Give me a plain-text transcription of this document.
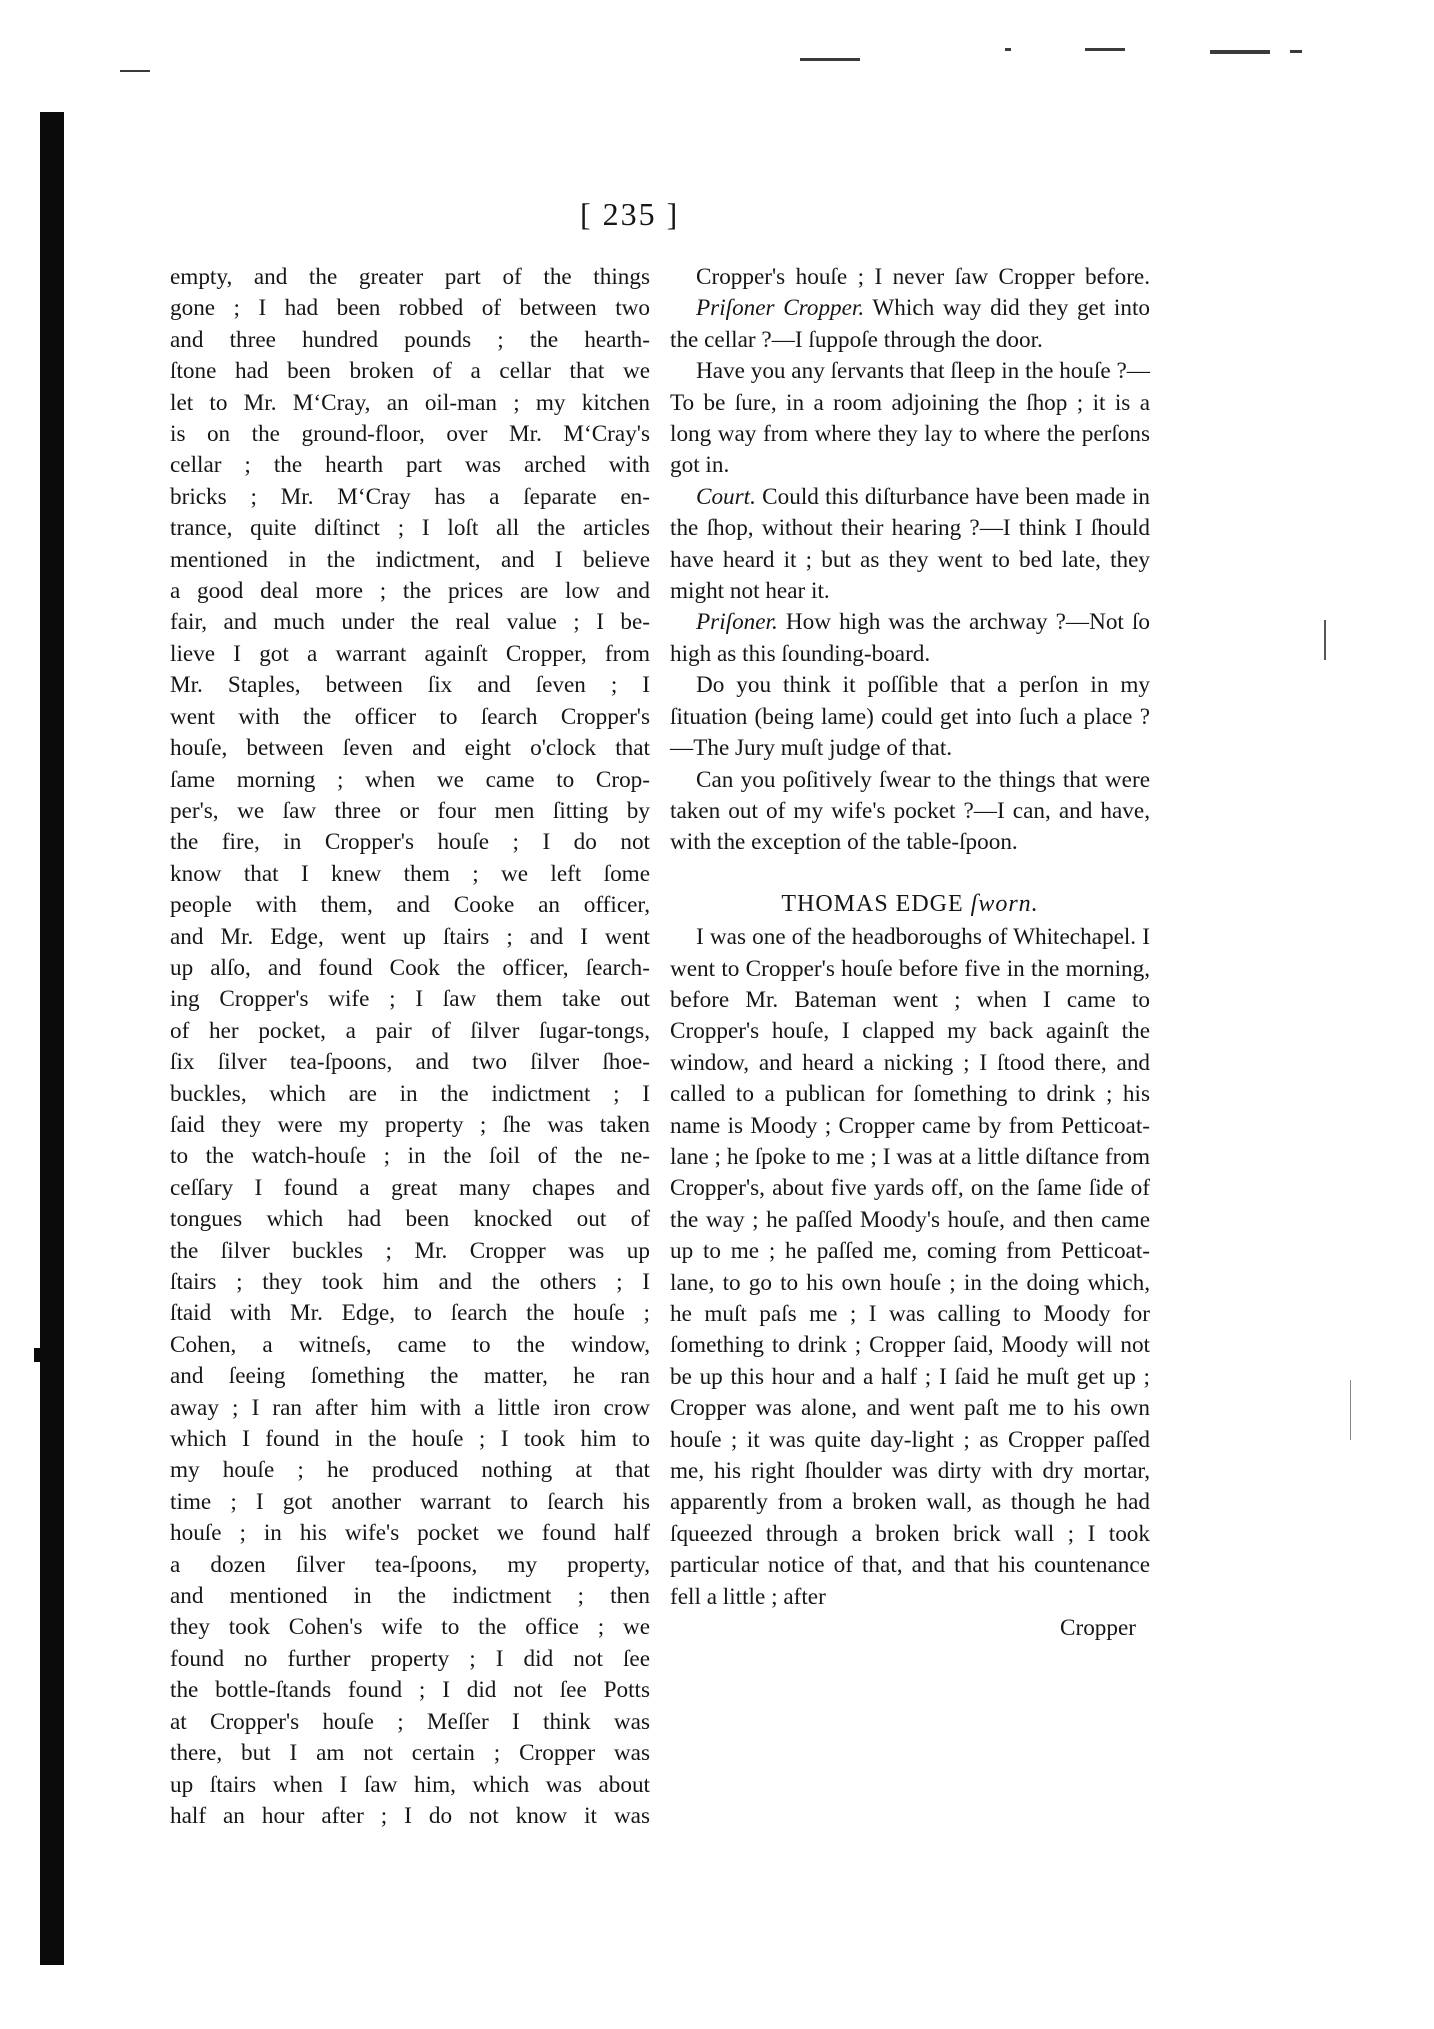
[ 235 ]
empty, and the greater part of the things
gone ; I had been robbed of between two
and three hundred pounds ; the hearth-
ſtone had been broken of a cellar that we
let to Mr. M‘Cray, an oil-man ; my kitchen
is on the ground-floor, over Mr. M‘Cray's
cellar ; the hearth part was arched with
bricks ; Mr. M‘Cray has a ſeparate en-
trance, quite diſtinct ; I loſt all the articles
mentioned in the indictment, and I believe
a good deal more ; the prices are low and
fair, and much under the real value ; I be-
lieve I got a warrant againſt Cropper, from
Mr. Staples, between ſix and ſeven ; I
went with the officer to ſearch Cropper's
houſe, between ſeven and eight o'clock that
ſame morning ; when we came to Crop-
per's, we ſaw three or four men ſitting by
the fire, in Cropper's houſe ; I do not
know that I knew them ; we left ſome
people with them, and Cooke an officer,
and Mr. Edge, went up ſtairs ; and I went
up alſo, and found Cook the officer, ſearch-
ing Cropper's wife ; I ſaw them take out
of her pocket, a pair of ſilver ſugar-tongs,
ſix ſilver tea-ſpoons, and two ſilver ſhoe-
buckles, which are in the indictment ; I
ſaid they were my property ; ſhe was taken
to the watch-houſe ; in the ſoil of the ne-
ceſſary I found a great many chapes and
tongues which had been knocked out of
the ſilver buckles ; Mr. Cropper was up
ſtairs ; they took him and the others ; I
ſtaid with Mr. Edge, to ſearch the houſe ;
Cohen, a witneſs, came to the window,
and ſeeing ſomething the matter, he ran
away ; I ran after him with a little iron crow
which I found in the houſe ; I took him to
my houſe ; he produced nothing at that
time ; I got another warrant to ſearch his
houſe ; in his wife's pocket we found half
a dozen ſilver tea-ſpoons, my property,
and mentioned in the indictment ; then
they took Cohen's wife to the office ; we
found no further property ; I did not ſee
the bottle-ſtands found ; I did not ſee Potts
at Cropper's houſe ; Meſſer I think was
there, but I am not certain ; Cropper was
up ſtairs when I ſaw him, which was about
half an hour after ; I do not know it was

Cropper's houſe ; I never ſaw Cropper before.

Priſoner Cropper. Which way did they get into the cellar ?—I ſuppoſe through the door.

Have you any ſervants that ſleep in the houſe ?—To be ſure, in a room adjoining the ſhop ; it is a long way from where they lay to where the perſons got in.

Court. Could this diſturbance have been made in the ſhop, without their hearing ?—I think I ſhould have heard it ; but as they went to bed late, they might not hear it.

Priſoner. How high was the archway ?—Not ſo high as this ſounding-board.

Do you think it poſſible that a perſon in my ſituation (being lame) could get into ſuch a place ?—The Jury muſt judge of that.

Can you poſitively ſwear to the things that were taken out of my wife's pocket ?—I can, and have, with the exception of the table-ſpoon.

THOMAS EDGE ſworn.

I was one of the headboroughs of Whitechapel. I went to Cropper's houſe before five in the morning, before Mr. Bateman went ; when I came to Cropper's houſe, I clapped my back againſt the window, and heard a nicking ; I ſtood there, and called to a publican for ſomething to drink ; his name is Moody ; Cropper came by from Petticoat-lane ; he ſpoke to me ; I was at a little diſtance from Cropper's, about five yards off, on the ſame ſide of the way ; he paſſed Moody's houſe, and then came up to me ; he paſſed me, coming from Petticoat-lane, to go to his own houſe ; in the doing which, he muſt paſs me ; I was calling to Moody for ſomething to drink ; Cropper ſaid, Moody will not be up this hour and a half ; I ſaid he muſt get up ; Cropper was alone, and went paſt me to his own houſe ; it was quite day-light ; as Cropper paſſed me, his right ſhoulder was dirty with dry mortar, apparently from a broken wall, as though he had ſqueezed through a broken brick wall ; I took particular notice of that, and that his countenance fell a little ; after

Cropper
